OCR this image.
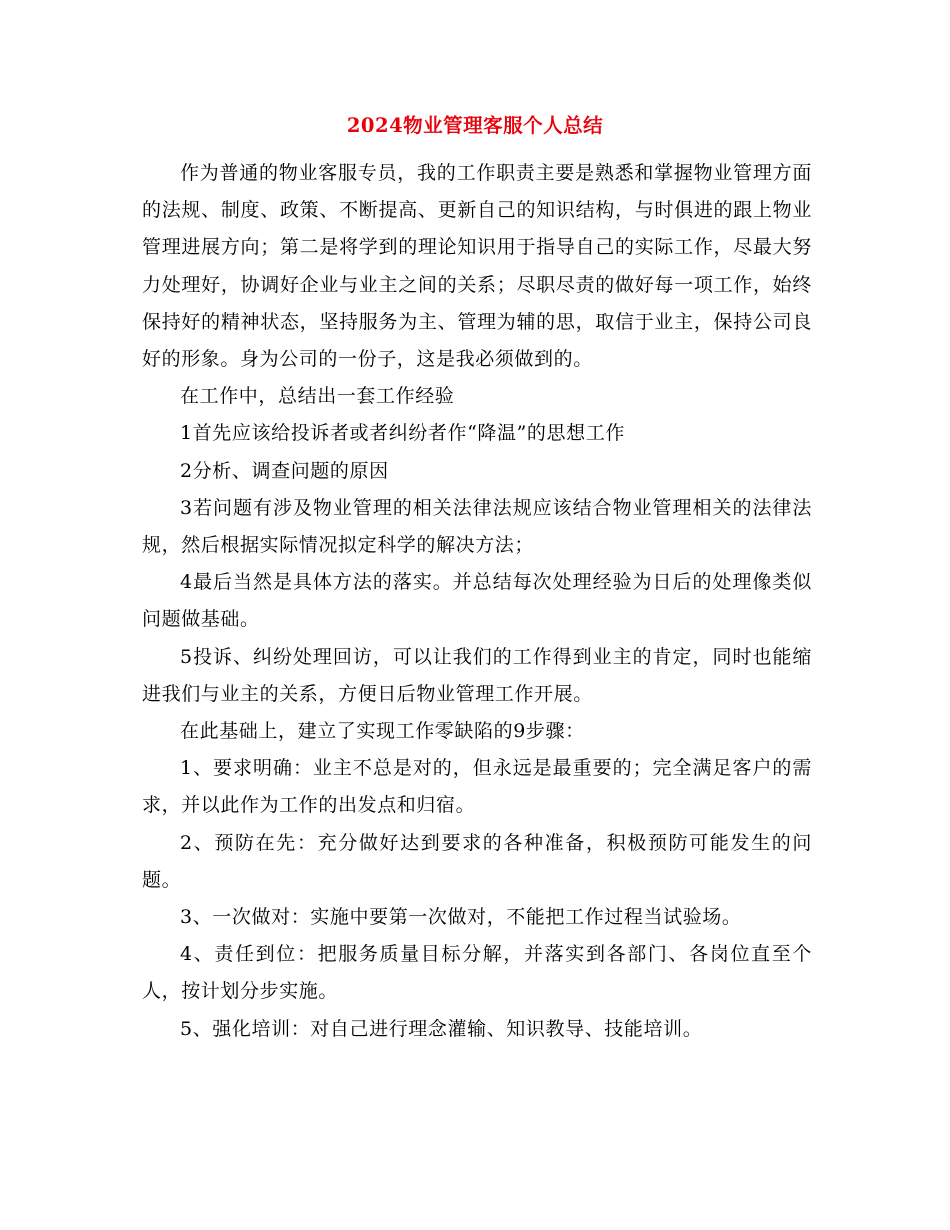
2024物业管理客服个人总结

作为普通的物业客服专员，我的工作职责主要是熟悉和掌握物业管理方面的法规、制度、政策、不断提高、更新自己的知识结构，与时俱进的跟上物业管理进展方向；第二是将学到的理论知识用于指导自己的实际工作，尽最大努力处理好，协调好企业与业主之间的关系；尽职尽责的做好每一项工作，始终保持好的精神状态，坚持服务为主、管理为辅的思，取信于业主，保持公司良好的形象。身为公司的一份子，这是我必须做到的。

在工作中，总结出一套工作经验

1首先应该给投诉者或者纠纷者作“降温”的思想工作

2分析、调查问题的原因

3若问题有涉及物业管理的相关法律法规应该结合物业管理相关的法律法规，然后根据实际情况拟定科学的解决方法；

4最后当然是具体方法的落实。并总结每次处理经验为日后的处理像类似问题做基础。

5投诉、纠纷处理回访，可以让我们的工作得到业主的肯定，同时也能缩进我们与业主的关系，方便日后物业管理工作开展。

在此基础上，建立了实现工作零缺陷的9步骤：

1、要求明确：业主不总是对的，但永远是最重要的；完全满足客户的需求，并以此作为工作的出发点和归宿。

2、预防在先：充分做好达到要求的各种准备，积极预防可能发生的问题。

3、一次做对：实施中要第一次做对，不能把工作过程当试验场。

4、责任到位：把服务质量目标分解，并落实到各部门、各岗位直至个人，按计划分步实施。

5、强化培训：对自己进行理念灌输、知识教导、技能培训。
